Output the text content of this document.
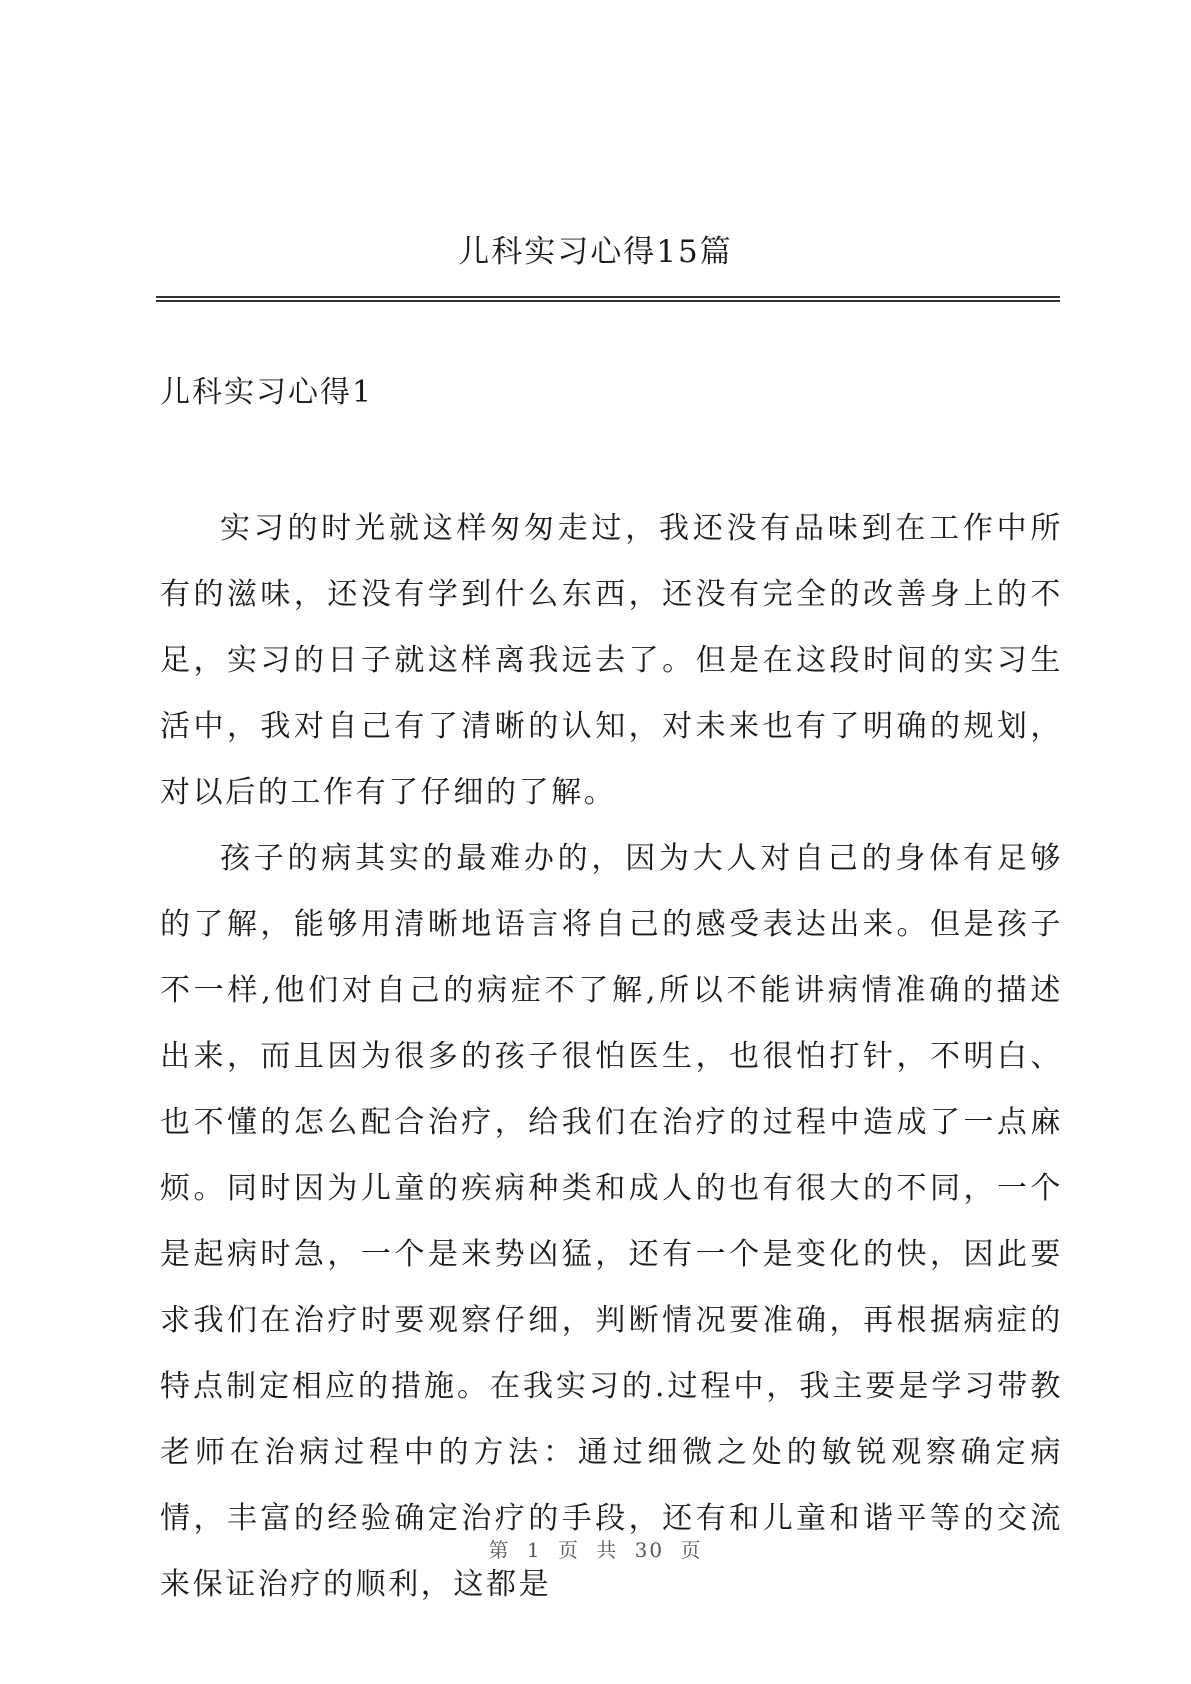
儿科实习心得15篇
儿科实习心得1

实习的时光就这样匆匆走过，我还没有品味到在工作中所有的滋味，还没有学到什么东西，还没有完全的改善身上的不足，实习的日子就这样离我远去了。但是在这段时间的实习生活中，我对自己有了清晰的认知，对未来也有了明确的规划，对以后的工作有了仔细的了解。

孩子的病其实的最难办的，因为大人对自己的身体有足够的了解，能够用清晰地语言将自己的感受表达出来。但是孩子不一样,他们对自己的病症不了解,所以不能讲病情准确的描述出来，而且因为很多的孩子很怕医生，也很怕打针，不明白、也不懂的怎么配合治疗，给我们在治疗的过程中造成了一点麻烦。同时因为儿童的疾病种类和成人的也有很大的不同，一个是起病时急，一个是来势凶猛，还有一个是变化的快，因此要求我们在治疗时要观察仔细，判断情况要准确，再根据病症的特点制定相应的措施。在我实习的.过程中，我主要是学习带教老师在治病过程中的方法：通过细微之处的敏锐观察确定病情，丰富的经验确定治疗的手段，还有和儿童和谐平等的交流来保证治疗的顺利，这都是

第 1 页 共 30 页
